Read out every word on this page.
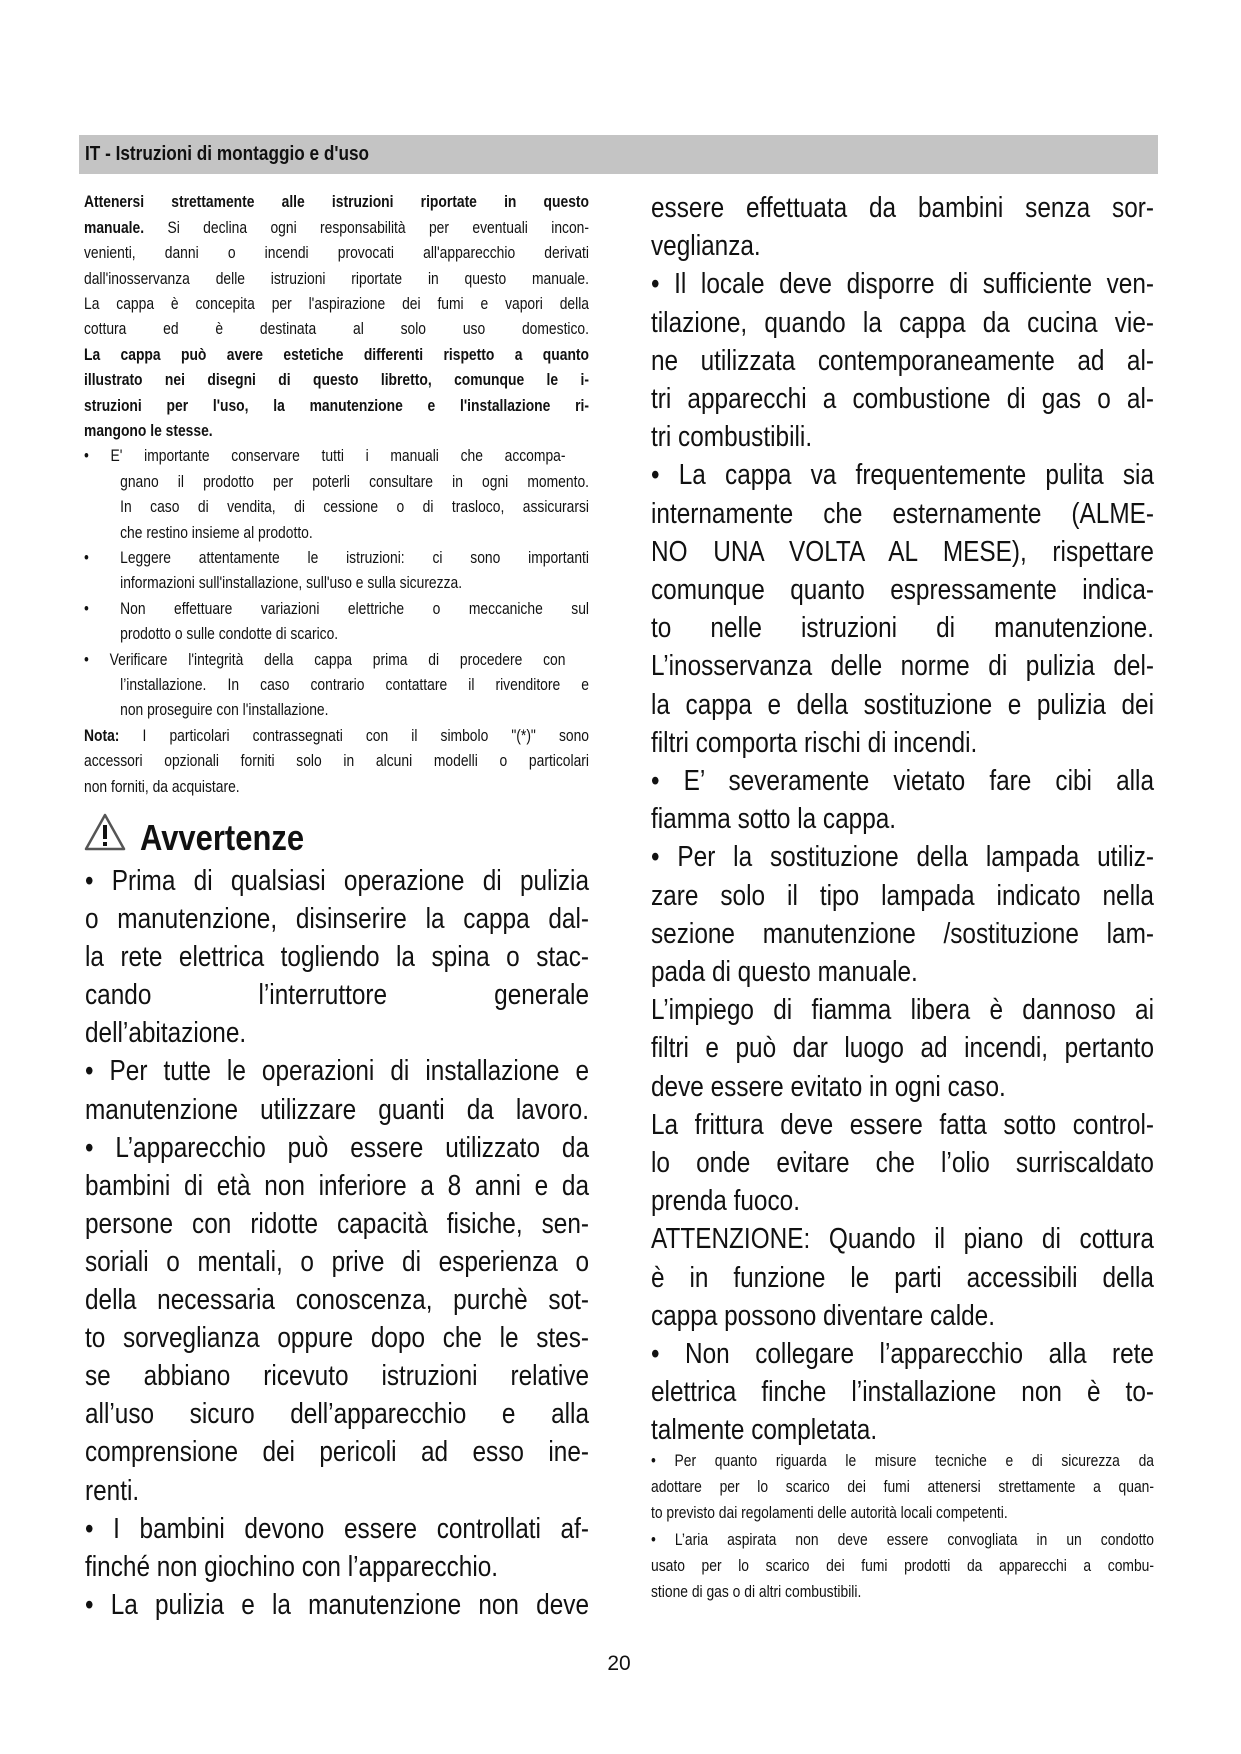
IT - Istruzioni di montaggio e d'uso
Attenersi strettamente alle istruzioni riportate in questo
manuale. Si declina ogni responsabilità per eventuali incon-
venienti, danni o incendi provocati all'apparecchio derivati
dall'inosservanza delle istruzioni riportate in questo manuale.
La cappa è concepita per l'aspirazione dei fumi e vapori della
cottura ed è destinata al solo uso domestico.
La cappa può avere estetiche differenti rispetto a quanto
illustrato nei disegni di questo libretto, comunque le i-
struzioni per l'uso, la manutenzione e l'installazione ri-
mangono le stesse.
• E' importante conservare tutti i manuali che accompa-
gnano il prodotto per poterli consultare in ogni momento.
In caso di vendita, di cessione o di trasloco, assicurarsi
che restino insieme al prodotto.
• Leggere attentamente le istruzioni: ci sono importanti
informazioni sull'installazione, sull'uso e sulla sicurezza.
• Non effettuare variazioni elettriche o meccaniche sul
prodotto o sulle condotte di scarico.
• Verificare l'integrità della cappa prima di procedere con
l’installazione. In caso contrario contattare il rivenditore e
non proseguire con l'installazione.
Nota: I particolari contrassegnati con il simbolo "(*)" sono
accessori opzionali forniti solo in alcuni modelli o particolari
non forniti, da acquistare.
Avvertenze
• Prima di qualsiasi operazione di pulizia
o manutenzione, disinserire la cappa dal-
la rete elettrica togliendo la spina o stac-
cando l’interruttore generale
dell’abitazione.
• Per tutte le operazioni di installazione e
manutenzione utilizzare guanti da lavoro.
• L’apparecchio può essere utilizzato da
bambini di età non inferiore a 8 anni e da
persone con ridotte capacità fisiche, sen-
soriali o mentali, o prive di esperienza o
della necessaria conoscenza, purchè sot-
to sorveglianza oppure dopo che le stes-
se abbiano ricevuto istruzioni relative
all’uso sicuro dell’apparecchio e alla
comprensione dei pericoli ad esso ine-
renti.
• I bambini devono essere controllati af-
finché non giochino con l’apparecchio.
• La pulizia e la manutenzione non deve
essere effettuata da bambini senza sor-
veglianza.
• Il locale deve disporre di sufficiente ven-
tilazione, quando la cappa da cucina vie-
ne utilizzata contemporaneamente ad al-
tri apparecchi a combustione di gas o al-
tri combustibili.
• La cappa va frequentemente pulita sia
internamente che esternamente (ALME-
NO UNA VOLTA AL MESE), rispettare
comunque quanto espressamente indica-
to nelle istruzioni di manutenzione.
L’inosservanza delle norme di pulizia del-
la cappa e della sostituzione e pulizia dei
filtri comporta rischi di incendi.
• E’ severamente vietato fare cibi alla
fiamma sotto la cappa.
• Per la sostituzione della lampada utiliz-
zare solo il tipo lampada indicato nella
sezione manutenzione /sostituzione lam-
pada di questo manuale.
L’impiego di fiamma libera è dannoso ai
filtri e può dar luogo ad incendi, pertanto
deve essere evitato in ogni caso.
La frittura deve essere fatta sotto control-
lo onde evitare che l’olio surriscaldato
prenda fuoco.
ATTENZIONE: Quando il piano di cottura
è in funzione le parti accessibili della
cappa possono diventare calde.
• Non collegare l’apparecchio alla rete
elettrica finche l’installazione non è to-
talmente completata.
• Per quanto riguarda le misure tecniche e di sicurezza da
adottare per lo scarico dei fumi attenersi strettamente a quan-
to previsto dai regolamenti delle autorità locali competenti.
• L’aria aspirata non deve essere convogliata in un condotto
usato per lo scarico dei fumi prodotti da apparecchi a combu-
stione di gas o di altri combustibili.
20
